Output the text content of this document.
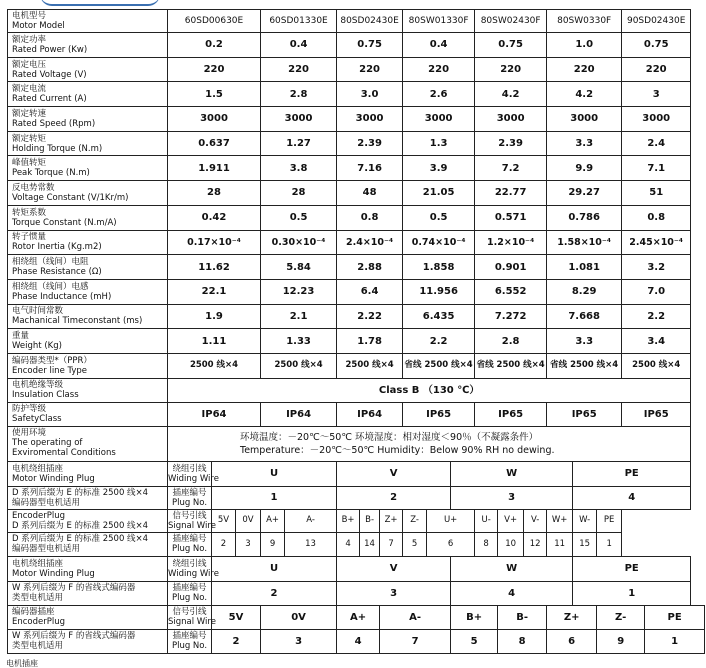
电机型号
Motor Model	60SD00630E			60SD01330E		80SD02430E			80SW01330F			80SW02430F			80SW0330F			90SD02430E	

额定功率
Rated Power (Kw)	0.2			0.4		0.75			0.4			0.75			1.0			0.75	

额定电压
Rated Voltage (V)	220			220		220			220			220			220			220	

额定电流
Rated Current (A)	1.5			2.8		3.0			2.6			4.2			4.2			3	

额定转速
Rated Speed (Rpm)	3000			3000		3000			3000			3000			3000			3000	

额定转矩
Holding Torque (N.m)	0.637			1.27		2.39			1.3			2.39			3.3			2.4	

峰值转矩
Peak Torque (N.m)	1.911			3.8		7.16			3.9			7.2			9.9			7.1	

反电势常数
Voltage Constant (V/1Kr/m)	28			28		48			21.05			22.77			29.27			51	

转矩系数
Torque Constant (N.m/A)	0.42			0.5		0.8			0.5			0.571			0.786			0.8	

转子惯量
Rotor Inertia (Kg.m2)	0.17×10⁻⁴			0.30×10⁻⁴		2.4×10⁻⁴			0.74×10⁻⁴			1.2×10⁻⁴			1.58×10⁻⁴			2.45×10⁻⁴	

相绕组（线间）电阻
Phase Resistance (Ω)	11.62			5.84		2.88			1.858			0.901			1.081			3.2	

相绕组（线间）电感
Phase Inductance (mH)	22.1			12.23		6.4			11.956			6.552			8.29			7.0	

电气时间常数
Machanical Timeconstant (ms)	1.9			2.1		2.22			6.435			7.272			7.668			2.2	

重量
Weight (Kg)	1.11			1.33		1.78			2.2			2.8			3.3			3.4	

编码器类型*（PPR）
Encoder line Type	2500 线×4			2500 线×4		2500 线×4			省线 2500 线×4			省线 2500 线×4			省线 2500 线×4			2500 线×4	

电机绝缘等级
Insulation Class	Class B （130 ℃）																		

防护等级
SafetyClass	IP64			IP64		IP64			IP65			IP65			IP65			IP65	

使用环境
The operating of
Exviromental Conditions	环境温度：－20℃～50℃ 环境湿度：相对湿度＜90％（不凝露条件）
Temperature：－20℃～50℃ Humidity：Below 90% RH no dewing.																		

电机绕组插座
Motor Winding Plug	绕组引线
Widing Wire	U				V					W					PE			

D 系列后缀为 E 的标准 2500 线×4
编码器型电机适用	插座编号
Plug No.	1				2					3					4			

EncoderPlug
D 系列后缀为 E 的标准 2500 线×4	信号引线
Signal Wire	5V	0V	A+	A-	B+	B-	Z+	Z-	U+		U-	V+	V-	W+	W-	PE		

D 系列后缀为 E 的标准 2500 线×4
编码器型电机适用	插座编号
Plug No.	2	3	9	13	4	14	7	5	6		8	10	12	11	15	1		

电机绕组插座
Motor Winding Plug	绕组引线
Widing Wire	U				V					W					PE			

W 系列后缀为 F 的省线式编码器
类型电机适用	插座编号
Plug No.	2				3					4					1			

编码器插座
EncoderPlug	信号引线
Signal Wire	5V		0V		A+		A-			B+		B-		Z+		Z-		PE

W 系列后缀为 F 的省线式编码器
类型电机适用	插座编号
Plug No.	2		3		4		7			5		8		6		9		1
电机插座
